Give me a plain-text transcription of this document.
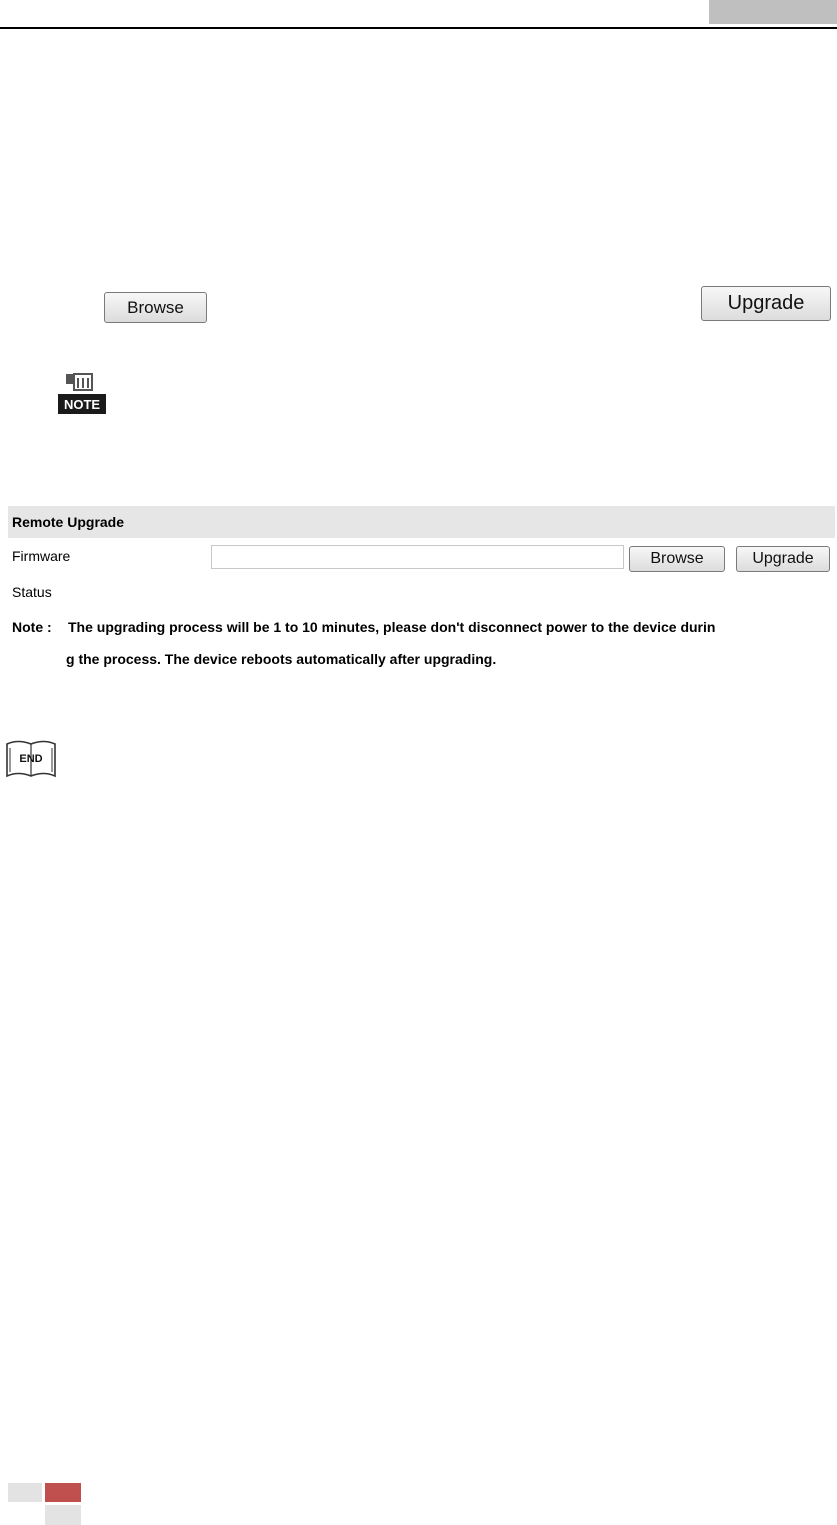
Browse	Upgrade
NOTE
Remote Upgrade
Firmware	Browse	Upgrade
Status
Note : The upgrading process will be 1 to 10 minutes, please don't disconnect power to the device durin
g the process. The device reboots automatically after upgrading.
END
